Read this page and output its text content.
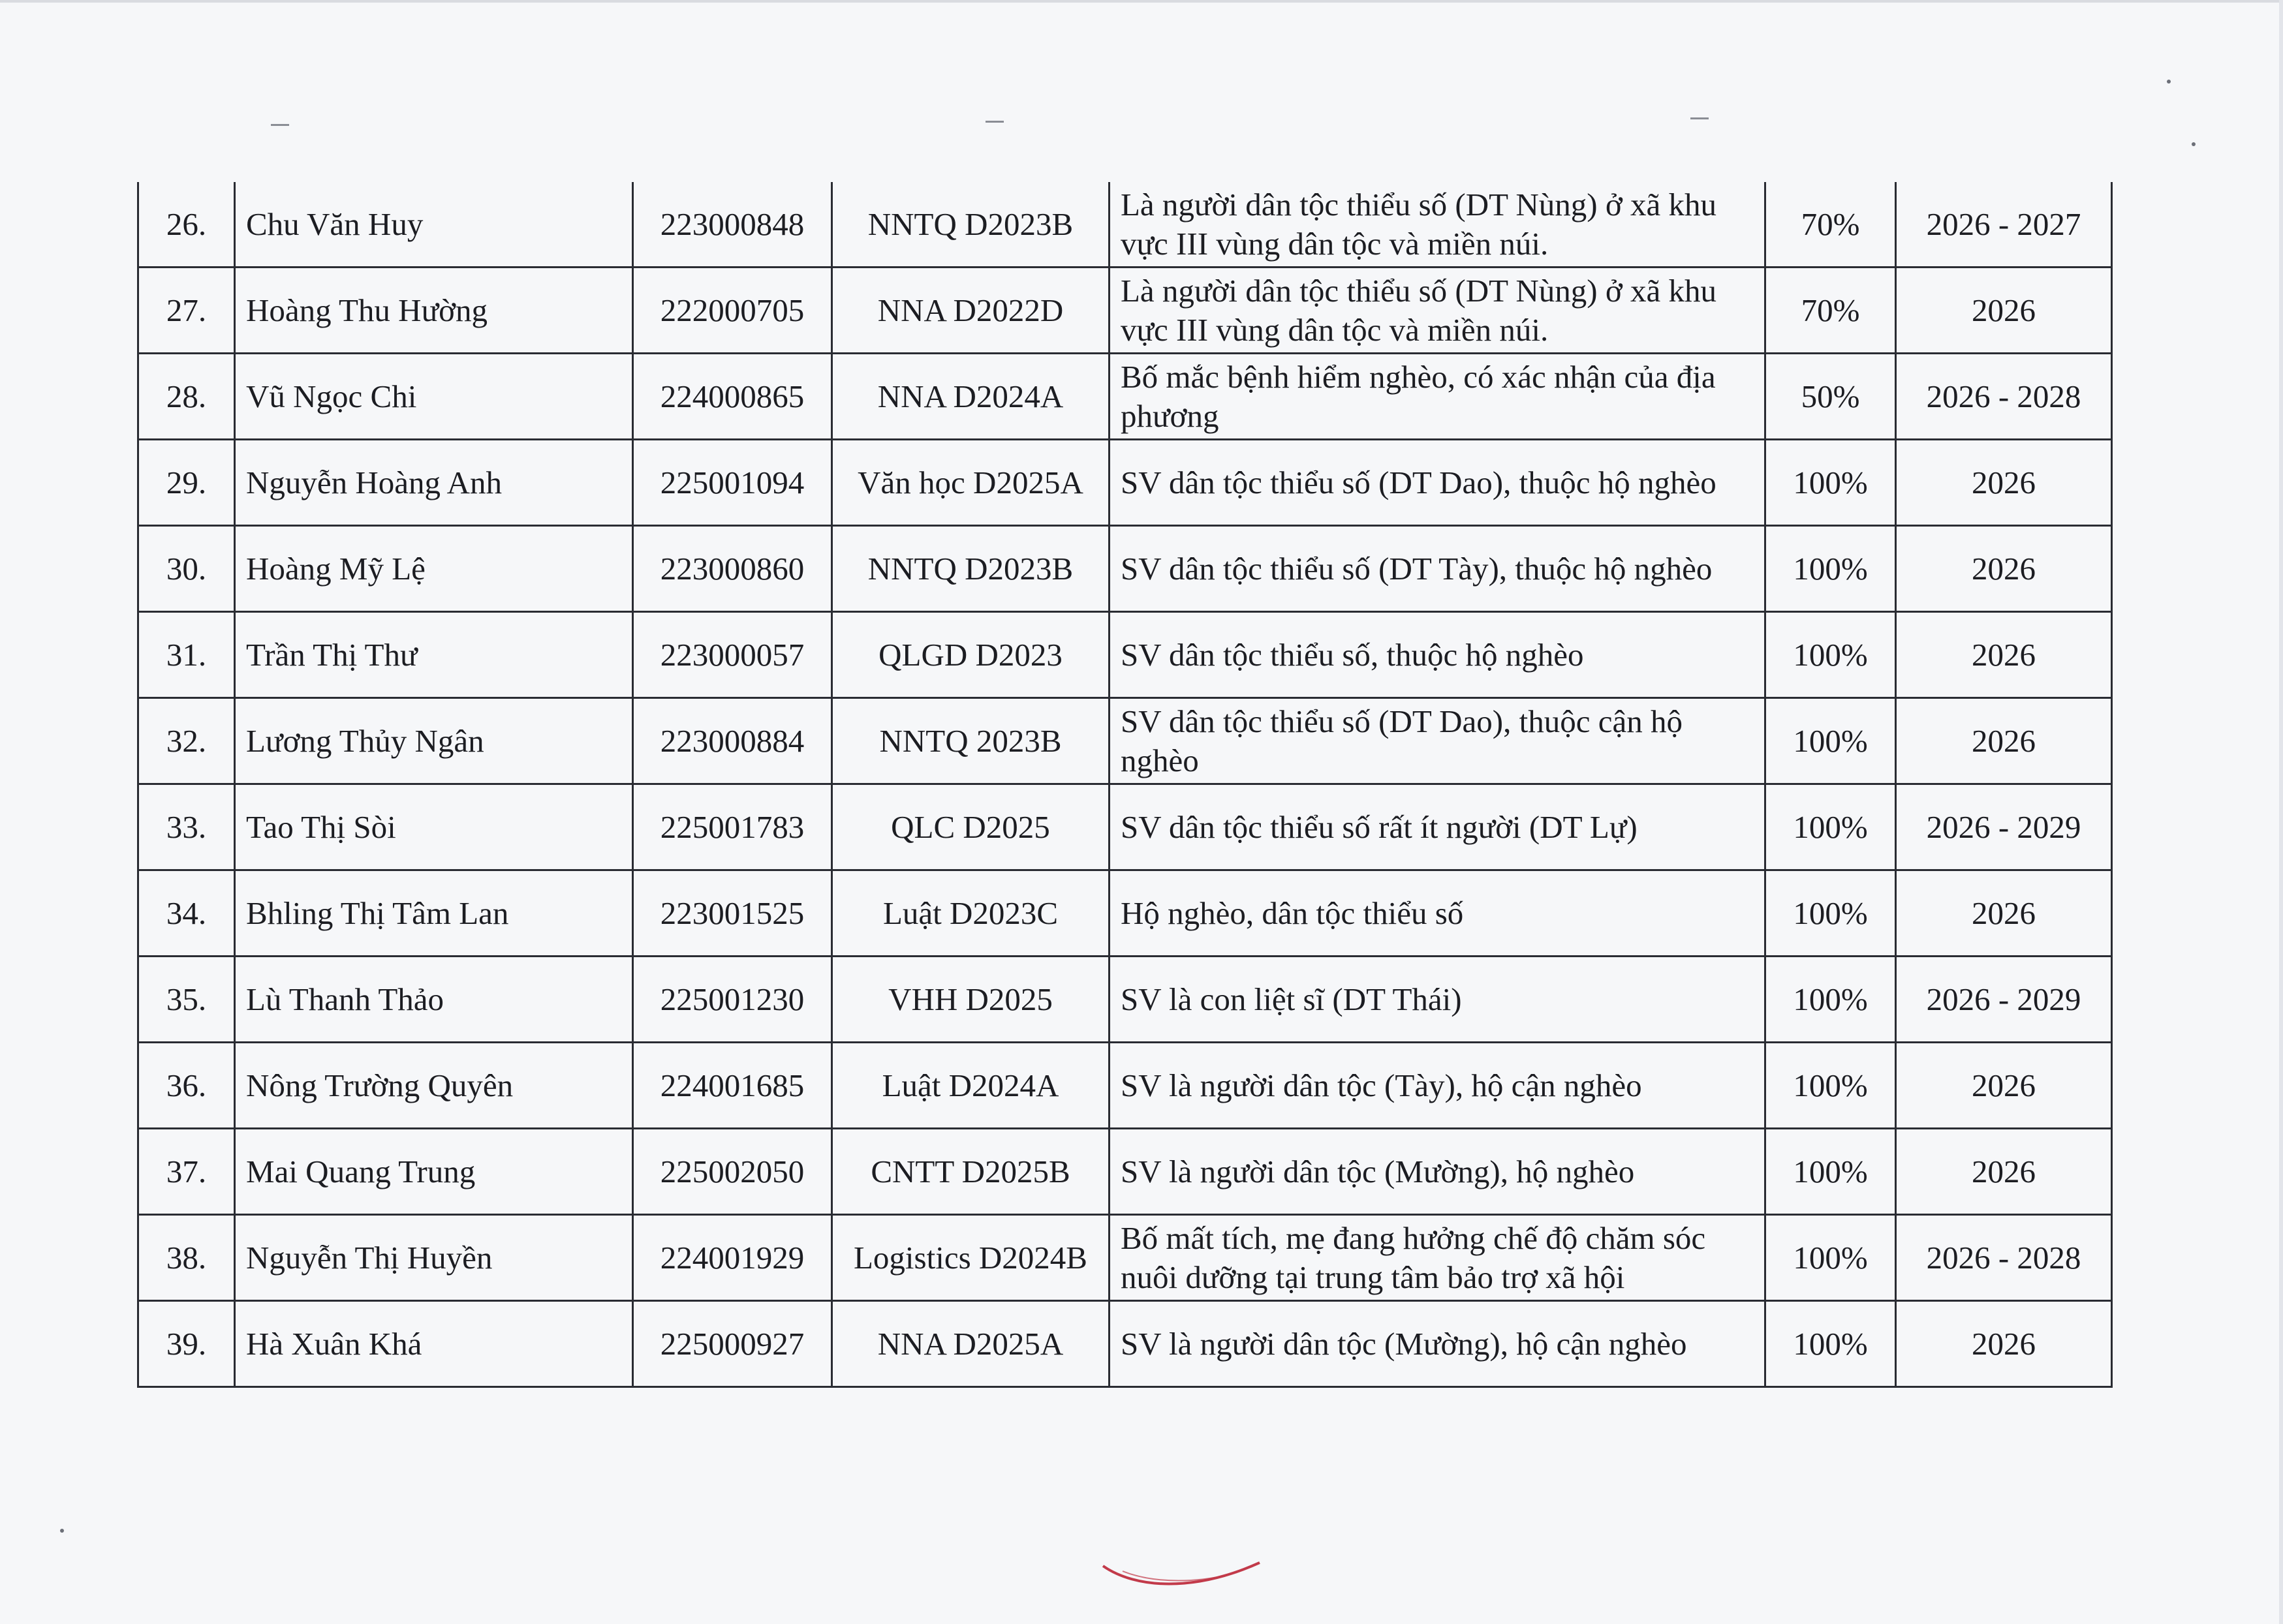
26.	Chu Văn Huy	223000848	NNTQ D2023B	Là người dân tộc thiểu số (DT Nùng) ở xã khu vực III vùng dân tộc và miền núi.	70%	2026 - 2027
27.	Hoàng Thu Hường	222000705	NNA D2022D	Là người dân tộc thiểu số (DT Nùng) ở xã khu vực III vùng dân tộc và miền núi.	70%	2026
28.	Vũ Ngọc Chi	224000865	NNA D2024A	Bố mắc bệnh hiểm nghèo, có xác nhận của địa phương	50%	2026 - 2028
29.	Nguyễn Hoàng Anh	225001094	Văn học D2025A	SV dân tộc thiểu số (DT Dao), thuộc hộ nghèo	100%	2026
30.	Hoàng Mỹ Lệ	223000860	NNTQ D2023B	SV dân tộc thiểu số (DT Tày), thuộc hộ nghèo	100%	2026
31.	Trần Thị Thư	223000057	QLGD D2023	SV dân tộc thiểu số, thuộc hộ nghèo	100%	2026
32.	Lương Thủy Ngân	223000884	NNTQ 2023B	SV dân tộc thiểu số (DT Dao), thuộc cận hộ nghèo	100%	2026
33.	Tao Thị Sòi	225001783	QLC D2025	SV dân tộc thiểu số rất ít người (DT Lự)	100%	2026 - 2029
34.	Bhling Thị Tâm Lan	223001525	Luật D2023C	Hộ nghèo, dân tộc thiểu số	100%	2026
35.	Lù Thanh Thảo	225001230	VHH D2025	SV là con liệt sĩ (DT Thái)	100%	2026 - 2029
36.	Nông Trường Quyên	224001685	Luật D2024A	SV là người dân tộc (Tày), hộ cận nghèo	100%	2026
37.	Mai Quang Trung	225002050	CNTT D2025B	SV là người dân tộc (Mường), hộ nghèo	100%	2026
38.	Nguyễn Thị Huyền	224001929	Logistics D2024B	Bố mất tích, mẹ đang hưởng chế độ chăm sóc nuôi dưỡng tại trung tâm bảo trợ xã hội	100%	2026 - 2028
39.	Hà Xuân Khá	225000927	NNA D2025A	SV là người dân tộc (Mường), hộ cận nghèo	100%	2026
